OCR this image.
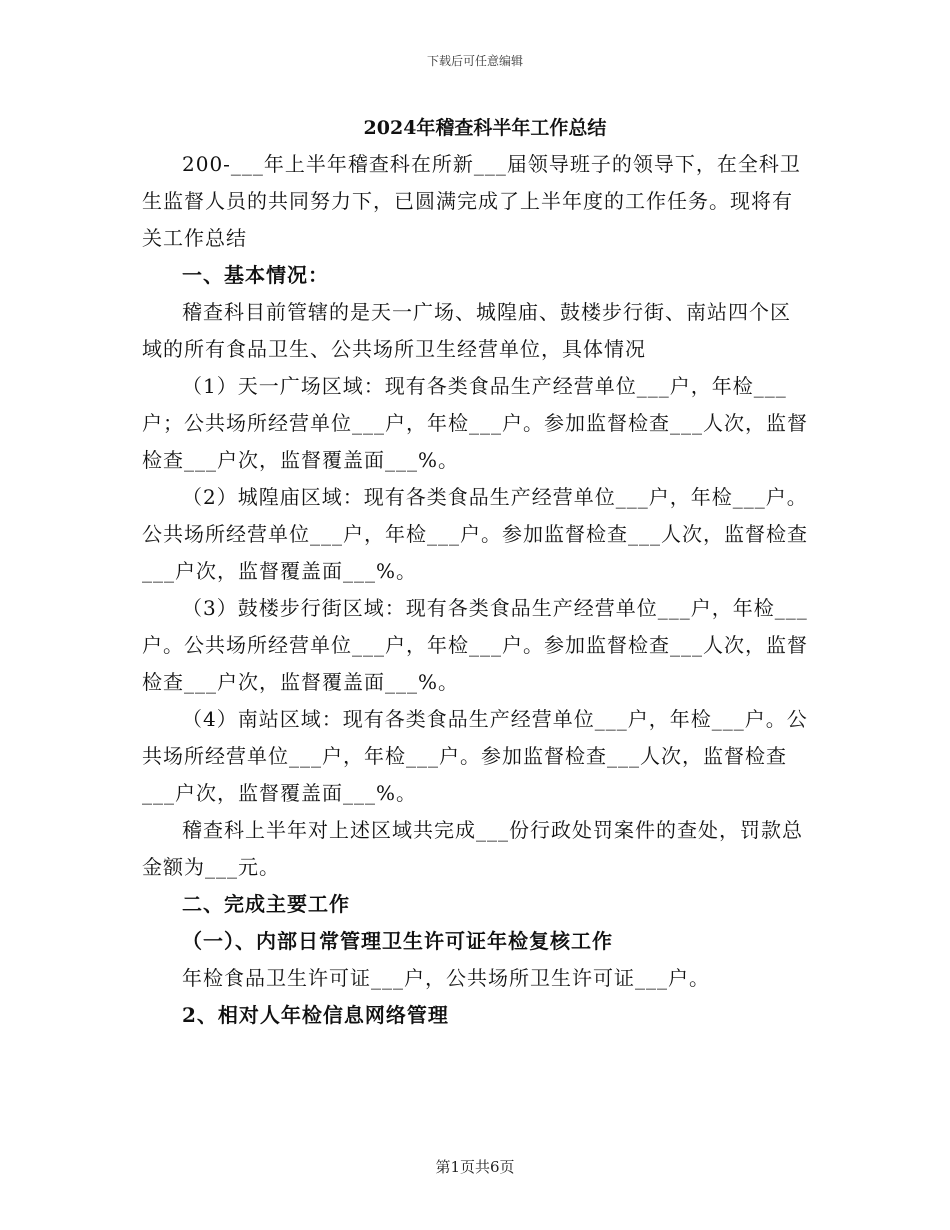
下载后可任意编辑
2024年稽查科半年工作总结

200-___年上半年稽查科在所新___届领导班子的领导下，在全科卫生监督人员的共同努力下，已圆满完成了上半年度的工作任务。现将有关工作总结

一、基本情况：

稽查科目前管辖的是天一广场、城隍庙、鼓楼步行街、南站四个区域的所有食品卫生、公共场所卫生经营单位，具体情况

（1）天一广场区域：现有各类食品生产经营单位___户，年检___户；公共场所经营单位___户，年检___户。参加监督检查___人次，监督检查___户次，监督覆盖面___%。

（2）城隍庙区域：现有各类食品生产经营单位___户，年检___户。公共场所经营单位___户，年检___户。参加监督检查___人次，监督检查___户次，监督覆盖面___%。

（3）鼓楼步行街区域：现有各类食品生产经营单位___户，年检___户。公共场所经营单位___户，年检___户。参加监督检查___人次，监督检查___户次，监督覆盖面___%。

（4）南站区域：现有各类食品生产经营单位___户，年检___户。公共场所经营单位___户，年检___户。参加监督检查___人次，监督检查___户次，监督覆盖面___%。

稽查科上半年对上述区域共完成___份行政处罚案件的查处，罚款总金额为___元。

二、完成主要工作

（一）、内部日常管理卫生许可证年检复核工作

年检食品卫生许可证___户，公共场所卫生许可证___户。

2、相对人年检信息网络管理

第1页共6页
